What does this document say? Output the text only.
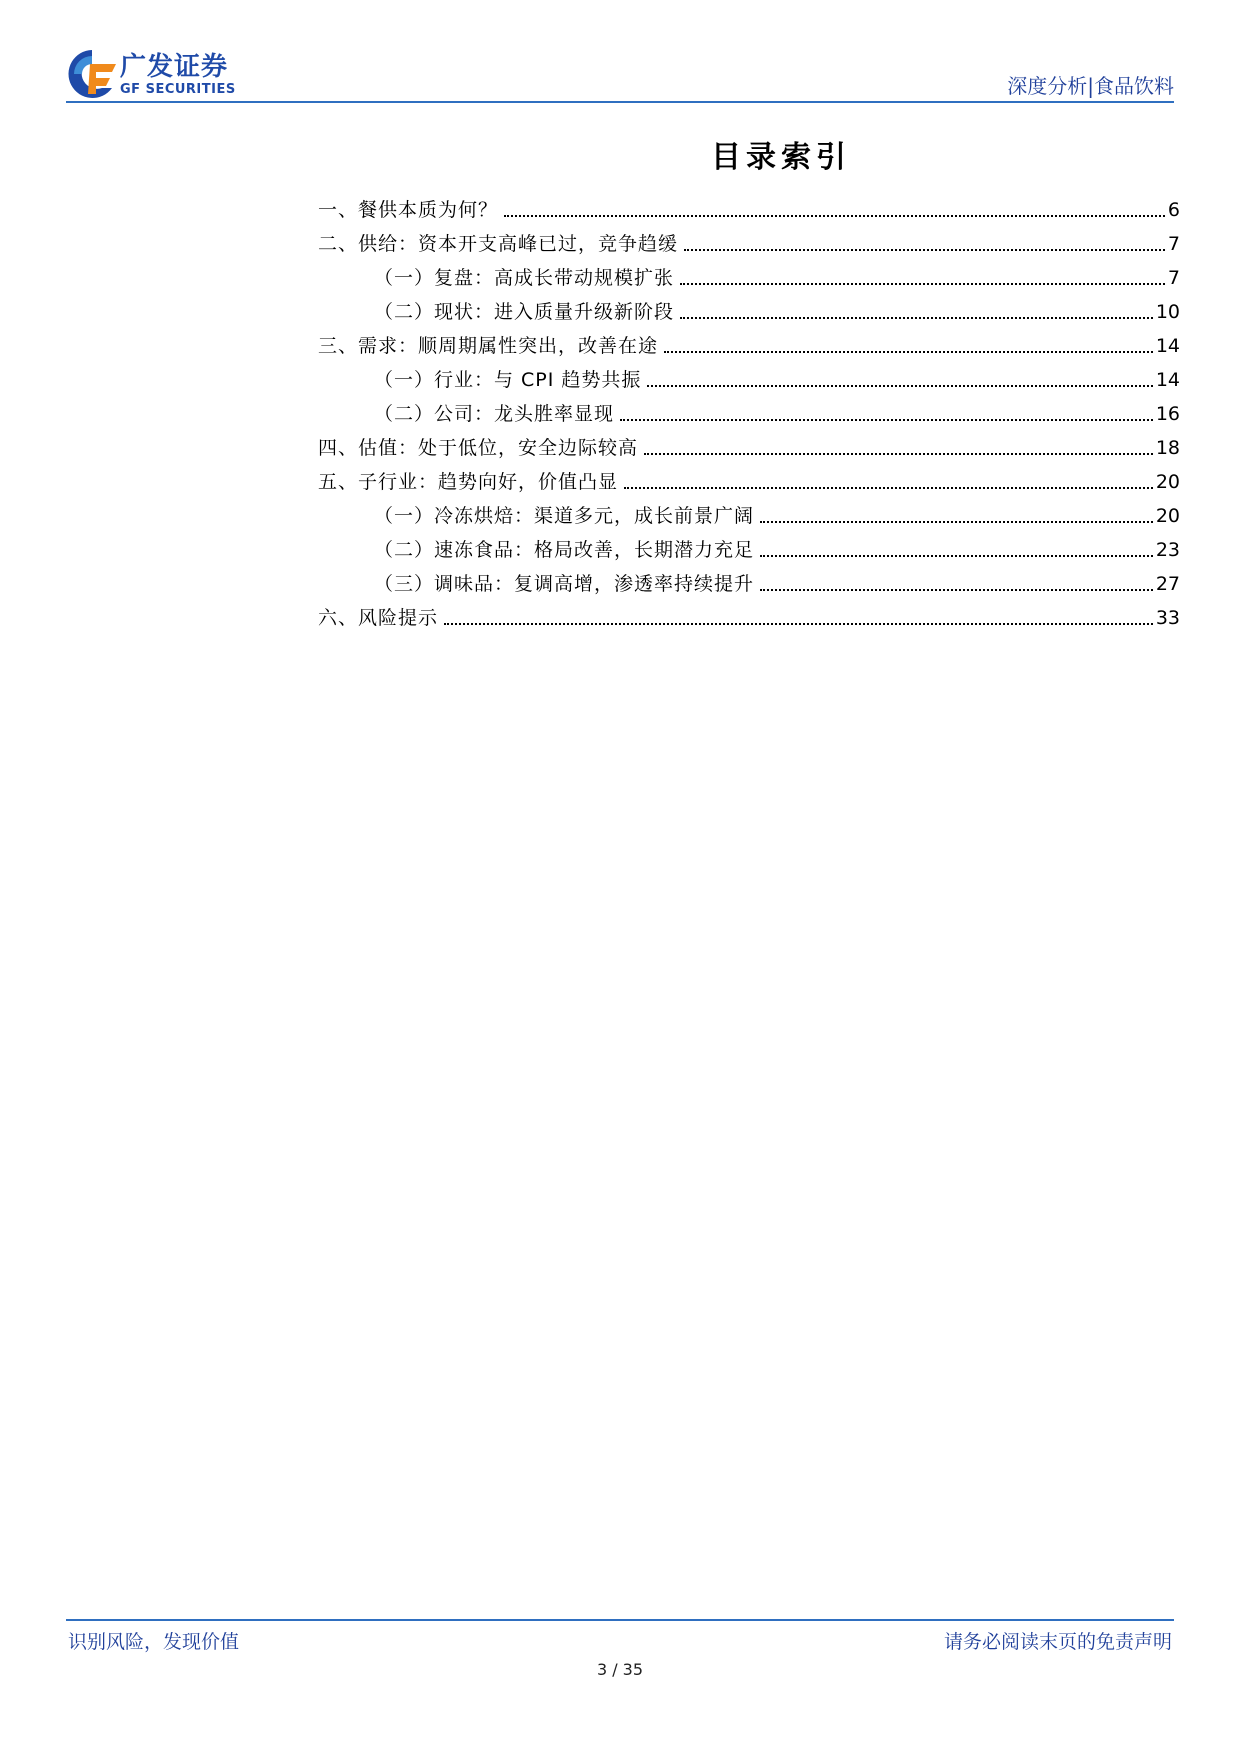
广发证券
GF SECURITIES	深度分析|食品饮料
目录索引
一、餐供本质为何？	6
二、供给：资本开支高峰已过，竞争趋缓	7
（一）复盘：高成长带动规模扩张	7
（二）现状：进入质量升级新阶段	10
三、需求：顺周期属性突出，改善在途	14
（一）行业：与 CPI 趋势共振	14
（二）公司：龙头胜率显现	16
四、估值：处于低位，安全边际较高	18
五、子行业：趋势向好，价值凸显	20
（一）冷冻烘焙：渠道多元，成长前景广阔	20
（二）速冻食品：格局改善，长期潜力充足	23
（三）调味品：复调高增，渗透率持续提升	27
六、风险提示	33
识别风险，发现价值	请务必阅读末页的免责声明
3 / 35
